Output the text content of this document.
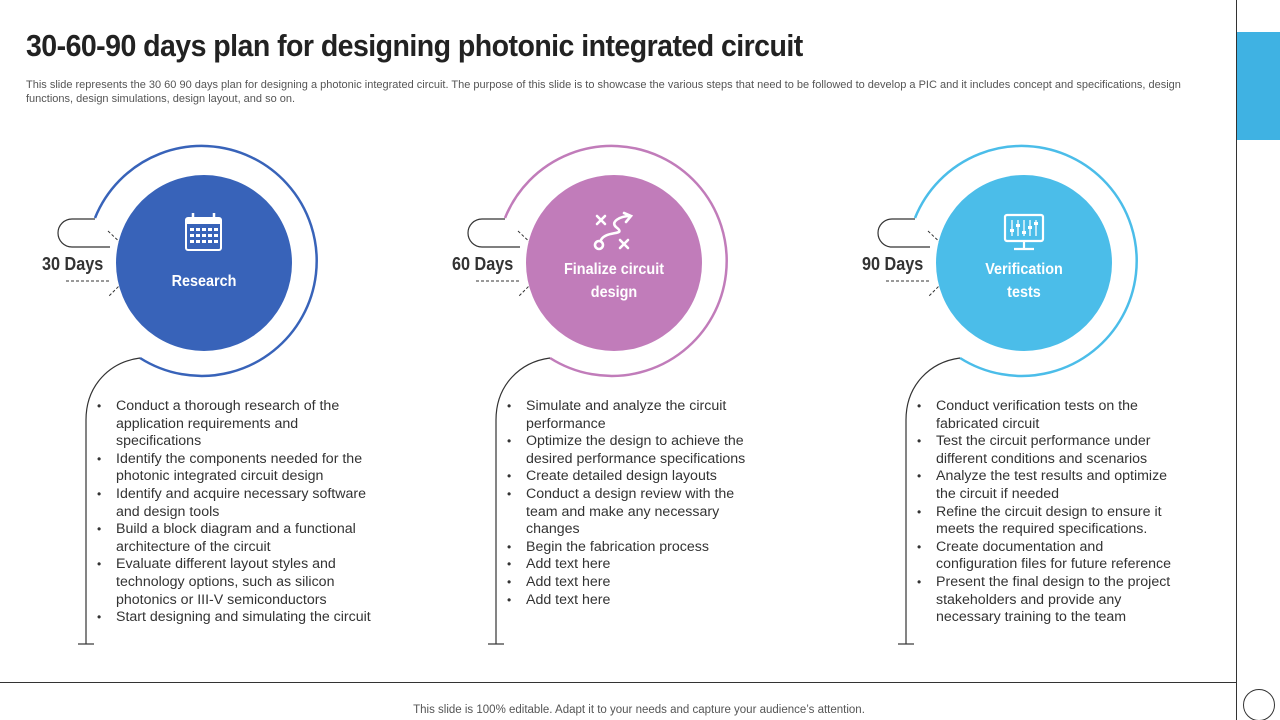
30-60-90 days plan for designing photonic integrated circuit
This slide represents the 30 60 90 days plan for designing a photonic integrated circuit. The purpose of this slide is to showcase the various steps that need to be followed to develop a PIC and it includes concept and specifications, design functions, design simulations, design layout, and so on.
30 Days	60 Days	90 Days
Research
Finalize circuit design
Verification tests
• Conduct a thorough research of the application requirements and specifications
• Identify the components needed for the photonic integrated circuit design
• Identify and acquire necessary software and design tools
• Build a block diagram and a functional architecture of the circuit
• Evaluate different layout styles and technology options, such as silicon photonics or III-V semiconductors
• Start designing and simulating the circuit
• Simulate and analyze the circuit performance
• Optimize the design to achieve the desired performance specifications
• Create detailed design layouts
• Conduct a design review with the team and make any necessary changes
• Begin the fabrication process
• Add text here
• Add text here
• Add text here
• Conduct verification tests on the fabricated circuit
• Test the circuit performance under different conditions and scenarios
• Analyze the test results and optimize the circuit if needed
• Refine the circuit design to ensure it meets the required specifications.
• Create documentation and configuration files for future reference
• Present the final design to the project stakeholders and provide any necessary training to the team
This slide is 100% editable. Adapt it to your needs and capture your audience’s attention.
